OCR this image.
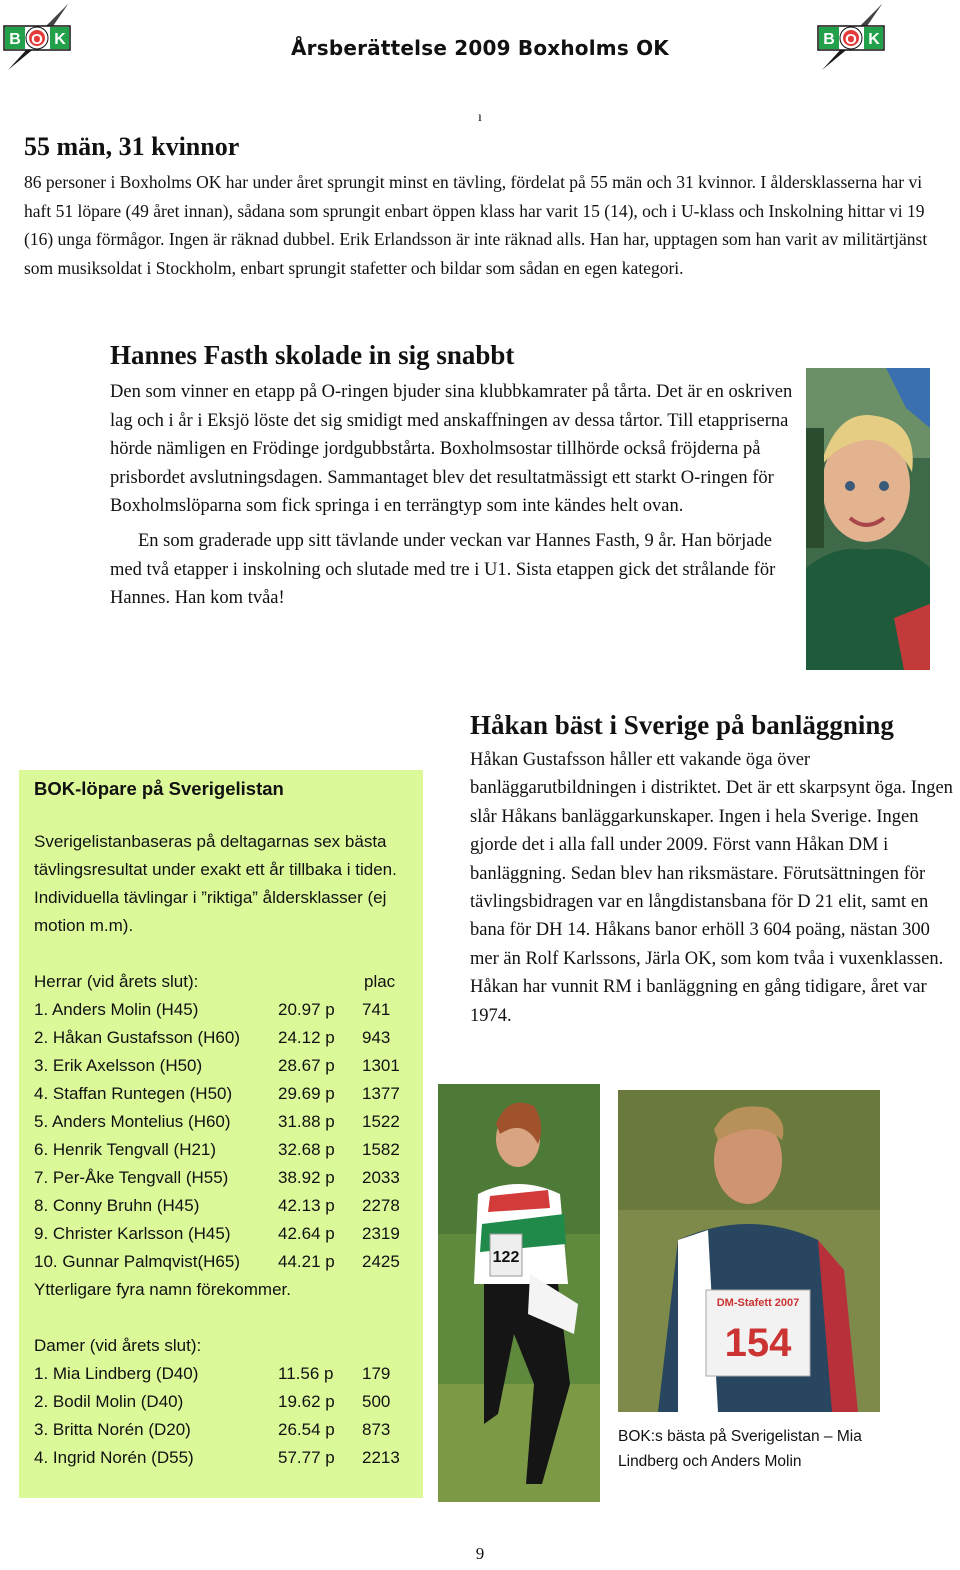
B O K	Årsberättelse 2009 Boxholms OK	B O K
ı
55 män, 31 kvinnor

86 personer i Boxholms OK har under året sprungit minst en tävling, fördelat på 55 män och 31 kvinnor. I åldersklasserna har vi haft 51 löpare (49 året innan), sådana som sprungit enbart öppen klass har varit 15 (14), och i U-klass och Inskolning hittar vi 19 (16) unga förmågor. Ingen är räknad dubbel. Erik Erlandsson är inte räknad alls. Han har, upptagen som han varit av militärtjänst som musiksoldat i Stockholm, enbart sprungit stafetter och bildar som sådan en egen kategori.

Hannes Fasth skolade in sig snabbt

Den som vinner en etapp på O-ringen bjuder sina klubbkamrater på tårta. Det är en oskriven lag och i år i Eksjö löste det sig smidigt med anskaffningen av dessa tårtor. Till etappriserna hörde nämligen en Frödinge jordgubbstårta. Boxholmsostar tillhörde också fröjderna på prisbordet avslutningsdagen. Sammantaget blev det resultatmässigt ett starkt O-ringen för Boxholmslöparna som fick springa i en terrängtyp som inte kändes helt ovan.

En som graderade upp sitt tävlande under veckan var Hannes Fasth, 9 år. Han började med två etapper i inskolning och slutade med tre i U1. Sista etappen gick det strålande för Hannes. Han kom tvåa!

BOK-löpare på Sverigelistan

Sverigelistanbaseras på deltagarnas sex bästa tävlingsresultat under exakt ett år tillbaka i tiden. Individuella tävlingar i ”riktiga” åldersklasser (ej motion m.m).

Herrar (vid årets slut):	plac
1. Anders Molin (H45)	20.97 p 741
2. Håkan Gustafsson (H60) 24.12 p 943
3. Erik Axelsson (H50)	28.67 p 1301
4. Staffan Runtegen (H50)	29.69 p 1377
5. Anders Montelius (H60)	31.88 p 1522
6. Henrik Tengvall (H21)	32.68 p 1582
7. Per-Åke Tengvall (H55)	38.92 p 2033
8. Conny Bruhn (H45)	42.13 p 2278
9. Christer Karlsson (H45)	42.64 p 2319
10. Gunnar Palmqvist(H65) 44.21 p 2425
Ytterligare fyra namn förekommer.
Damer (vid årets slut):
1. Mia Lindberg (D40)	11.56 p 179
2. Bodil Molin (D40)	19.62 p 500
3. Britta Norén (D20)	26.54 p 873
4. Ingrid Norén (D55)	57.77 p 2213
Håkan bäst i Sverige på banläggning

Håkan Gustafsson håller ett vakande öga över banläggarutbildningen i distriktet. Det är ett skarpsynt öga. Ingen slår Håkans banläggarkunskaper. Ingen i hela Sverige. Ingen gjorde det i alla fall under 2009. Först vann Håkan DM i banläggning. Sedan blev han riksmästare. Förutsättningen för tävlingsbidragen var en långdistansbana för D 21 elit, samt en bana för DH 14. Håkans banor erhöll 3 604 poäng, nästan 300 mer än Rolf Karlssons, Järla OK, som kom tvåa i vuxenklassen. Håkan har vunnit RM i banläggning en gång tidigare, året var 1974.

122
DM-Stafett 2007
154

BOK:s bästa på Sverigelistan – Mia Lindberg och Anders Molin

9
